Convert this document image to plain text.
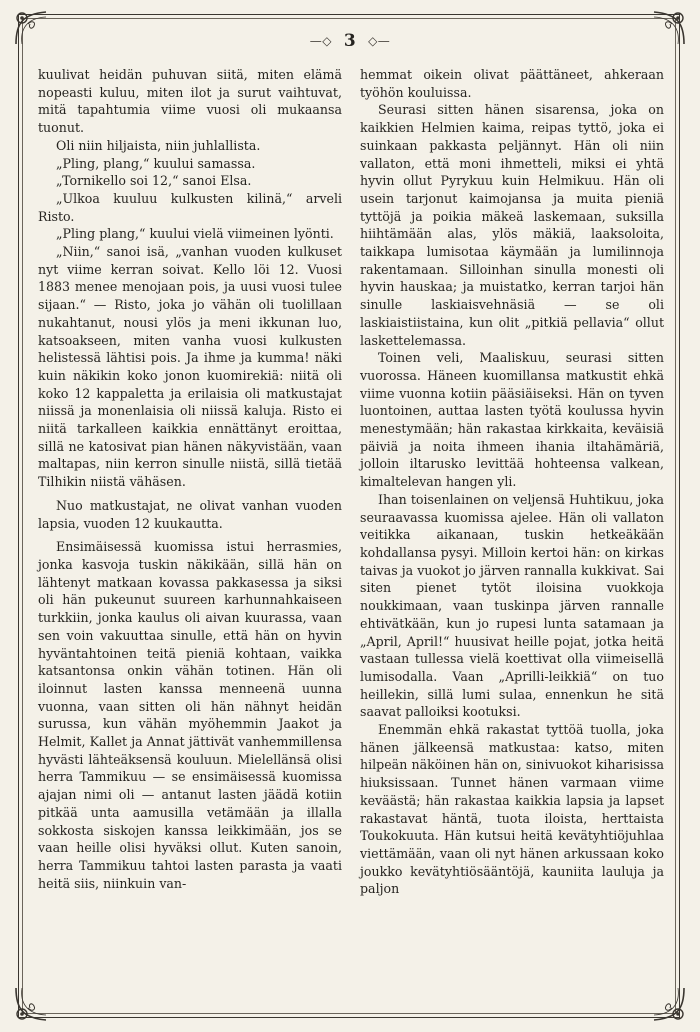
—◇ 3 ◇—

kuulivat heidän puhuvan siitä, miten elämä nopeasti kuluu, miten ilot ja surut vaihtuvat, mitä tapahtumia viime vuosi oli mukaansa tuonut.

Oli niin hiljaista, niin juhlallista.

„Pling, plang,“ kuului samassa.

„Tornikello soi 12,“ sanoi Elsa.

„Ulkoa kuuluu kulkusten kilinä,“ arveli Risto.

„Pling plang,“ kuului vielä viimeinen lyönti.

„Niin,“ sanoi isä, „vanhan vuoden kulkuset nyt viime kerran soivat. Kello löi 12. Vuosi 1883 menee menojaan pois, ja uusi vuosi tulee sijaan.“ — Risto, joka jo vähän oli tuolillaan nukahtanut, nousi ylös ja meni ikkunan luo, katsoakseen, miten vanha vuosi kulkusten helistessä lähtisi pois. Ja ihme ja kumma! näki kuin näkikin koko jonon kuomirekiä: niitä oli koko 12 kappaletta ja erilaisia oli matkustajat niissä ja monenlaisia oli niissä kaluja. Risto ei niitä tarkalleen kaikkia ennättänyt eroittaa, sillä ne katosivat pian hänen näkyvistään, vaan maltapas, niin kerron sinulle niistä, sillä tietää Tilhikin niistä vähäsen.

Nuo matkustajat, ne olivat vanhan vuoden lapsia, vuoden 12 kuukautta.

Ensimäisessä kuomissa istui herrasmies, jonka kasvoja tuskin näkikään, sillä hän on lähtenyt matkaan kovassa pakkasessa ja siksi oli hän pukeunut suureen karhunnahkaiseen turkkiin, jonka kaulus oli aivan kuurassa, vaan sen voin vakuuttaa sinulle, että hän on hyvin hyväntahtoinen teitä pieniä kohtaan, vaikka katsantonsa onkin vähän totinen. Hän oli iloinnut lasten kanssa menneenä uunna vuonna, vaan sitten oli hän nähnyt heidän surussa, kun vähän myöhemmin Jaakot ja Helmit, Kallet ja Annat jättivät vanhemmillensa hyvästi lähteäksensä kouluun. Mielellänsä olisi herra Tammikuu — se ensimäisessä kuomissa ajajan nimi oli — antanut lasten jäädä kotiin pitkää unta aamusilla vetämään ja illalla sokkosta siskojen kanssa leikkimään, jos se vaan heille olisi hyväksi ollut. Kuten sanoin, herra Tammikuu tahtoi lasten parasta ja vaati heitä siis, niinkuin van-

hemmat oikein olivat päättäneet, ahkeraan työhön kouluissa.

Seurasi sitten hänen sisarensa, joka on kaikkien Helmien kaima, reipas tyttö, joka ei suinkaan pakkasta peljännyt. Hän oli niin vallaton, että moni ihmetteli, miksi ei yhtä hyvin ollut Pyrykuu kuin Helmikuu. Hän oli usein tarjonut kaimojansa ja muita pieniä tyttöjä ja poikia mäkeä laskemaan, suksilla hiihtämään alas, ylös mäkiä, laaksoloita, taikkapa lumisotaa käymään ja lumilinnoja rakentamaan. Silloinhan sinulla monesti oli hyvin hauskaa; ja muistatko, kerran tarjoi hän sinulle laskiaisvehnäsiä — se oli laskiaistiistaina, kun olit „pitkiä pellavia“ ollut laskettelemassa.

Toinen veli, Maaliskuu, seurasi sitten vuorossa. Häneen kuomillansa matkustit ehkä viime vuonna kotiin pääsiäiseksi. Hän on tyven luontoinen, auttaa lasten työtä koulussa hyvin menestymään; hän rakastaa kirkkaita, keväisiä päiviä ja noita ihmeen ihania iltahämäriä, jolloin iltarusko levittää hohteensa valkean, kimaltelevan hangen yli.

Ihan toisenlainen on veljensä Huhtikuu, joka seuraavassa kuomissa ajelee. Hän oli vallaton veitikka aikanaan, tuskin hetkeäkään kohdallansa pysyi. Milloin kertoi hän: on kirkas taivas ja vuokot jo järven rannalla kukkivat. Sai siten pienet tytöt iloisina vuokkoja noukkimaan, vaan tuskinpa järven rannalle ehtivätkään, kun jo rupesi lunta satamaan ja „April, April!“ huusivat heille pojat, jotka heitä vastaan tullessa vielä koettivat olla viimeisellä lumisodalla. Vaan „Aprilli-leikkiä“ on tuo heillekin, sillä lumi sulaa, ennenkun he sitä saavat palloiksi kootuksi.

Enemmän ehkä rakastat tyttöä tuolla, joka hänen jälkeensä matkustaa: katso, miten hilpeän näköinen hän on, sinivuokot kiharisissa hiuksissaan. Tunnet hänen varmaan viime keväästä; hän rakastaa kaikkia lapsia ja lapset rakastavat häntä, tuota iloista, herttaista Toukokuuta. Hän kutsui heitä kevätyhtiöjuhlaa viettämään, vaan oli nyt hänen arkussaan koko joukko kevätyhtiösääntöjä, kauniita lauluja ja paljon
